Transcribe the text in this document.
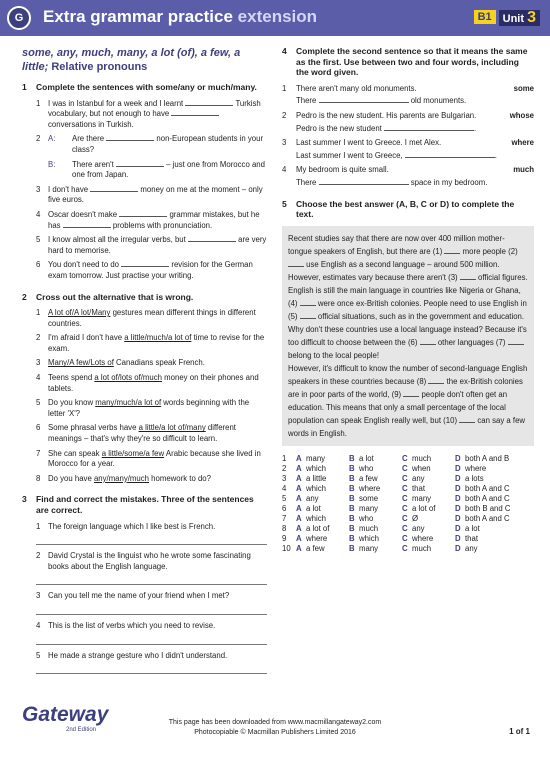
G	Extra grammar practice extension	B1 Unit 3
some, any, much, many, a lot (of), a few, a little; Relative pronouns
1 Complete the sentences with some/any or much/many.
1 I was in Istanbul for a week and I learnt	Turkish vocabulary, but not enough to have  conversations in Turkish.
2 A: Are there	non-European students in your class?
B: There aren't	– just one from Morocco and one from Japan.
3 I don't have	money on me at the moment – only five euros.
4 Oscar doesn't make	grammar mistakes, but he has	problems with pronunciation.
5 I know almost all the irregular verbs, but	are very hard to memorise.
6 You don't need to do	revision for the German exam tomorrow. Just practise your writing.
2 Cross out the alternative that is wrong.
1 A lot of/A lot/Many gestures mean different things in different countries.
2 I'm afraid I don't have a little/much/a lot of time to revise for the exam.
3 Many/A few/Lots of Canadians speak French.
4 Teens spend a lot of/lots of/much money on their phones and tablets.
5 Do you know many/much/a lot of words beginning with the letter 'X'?
6 Some phrasal verbs have a little/a lot of/many different meanings – that's why they're so difficult to learn.
7 She can speak a little/some/a few Arabic because she lived in Morocco for a year.
8 Do you have any/many/much homework to do?
3 Find and correct the mistakes. Three of the sentences are correct.
1 The foreign language which I like best is French.
2 David Crystal is the linguist who he wrote some fascinating books about the English language.
3 Can you tell me the name of your friend when I met?
4 This is the list of verbs which you need to revise.
5 He made a strange gesture who I didn't understand.
4 Complete the second sentence so that it means the same as the first. Use between two and four words, including the word given.
1	some
There aren't many old monuments.
There	old monuments.
2	whose
Pedro is the new student. His parents are Bulgarian.
Pedro is the new student	.
3	where
Last summer I went to Greece. I met Alex.
Last summer I went to Greece,	.
4	much
My bedroom is quite small.
There	space in my bedroom.
5 Choose the best answer (A, B, C or D) to complete the text.
Recent studies say that there are now over 400 million mother-tongue speakers of English, but there are (1)  more people (2)  use English as a second language – around 500 million. However, estimates vary because there aren't (3)  official figures.
English is still the main language in countries like Nigeria or Ghana, (4)	were once ex-British colonies. People need to use English in (5)	official situations, such as in the government and education. Why don't these countries use a local language instead? Because it's too difficult to choose between the (6)	other languages (7)  belong to the local people!
However, it's difficult to know the number of second-language English speakers in these countries because (8)	the ex-British colonies are in poor parts of the world, (9)	people don't often get an education. This means that only a small percentage of the local population can speak English really well, but (10)	can say a few words in English.
1	A	many	B	a lot	C	much	D	both A and B
2	A	which	B	who	C	when	D	where
3	A	a little	B	a few	C	any	D	a lots
4	A	which	B	where	C	that	D	both A and C
5	A	any	B	some	C	many	D	both A and C
6	A	a lot	B	many	C	a lot of	D	both B and C
7	A	which	B	who	C	Ø	D	both A and C
8	A	a lot of	B	much	C	any	D	a lot
9	A	where	B	which	C	where	D	that
10	A	a few	B	many	C	much	D	any
Gateway
2nd Edition
This page has been downloaded from www.macmillangateway2.com
Photocopiable © Macmillan Publishers Limited 2016	1 of 1
